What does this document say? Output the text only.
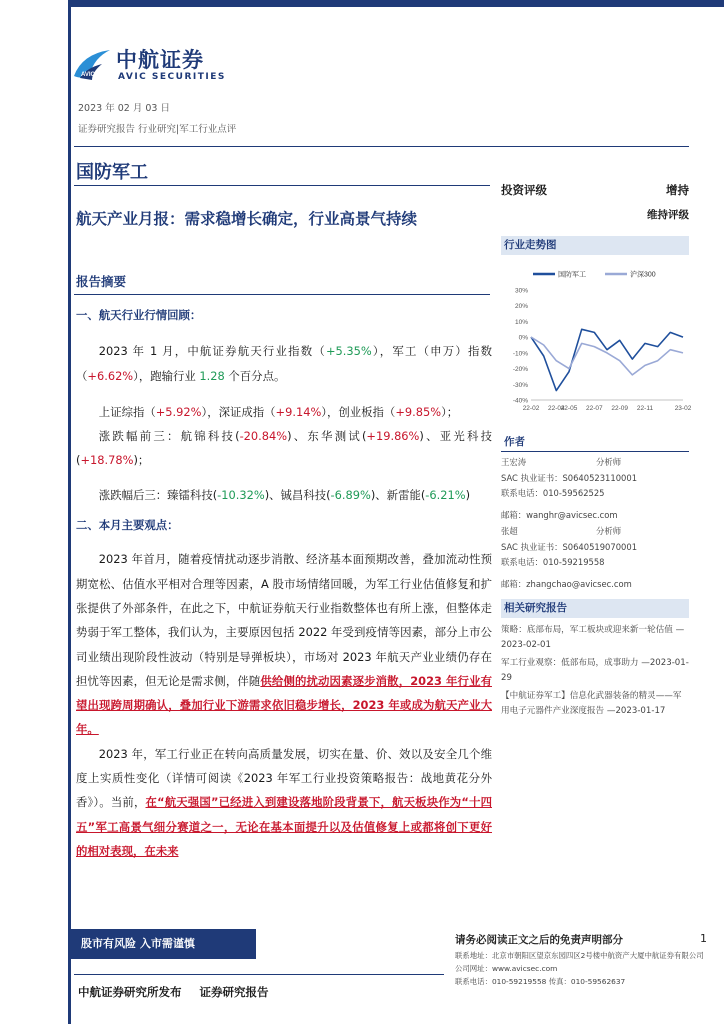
AVIC
中航证券
AVIC SECURITIES
2023 年 02 月 03 日
证券研究报告 行业研究|军工行业点评
国防军工
航天产业月报：需求稳增长确定，行业高景气持续
报告摘要

一、航天行业行情回顾：

2023 年 1 月，中航证券航天行业指数（+5.35%），军工（申万）指数（+6.62%），跑输行业 1.28 个百分点。

上证综指（+5.92%），深证成指（+9.14%），创业板指（+9.85%）；

涨跌幅前三：航锦科技(-20.84%)、东华测试(+19.86%)、亚光科技(+18.78%)；

涨跌幅后三：臻镭科技(-10.32%)、铖昌科技(-6.89%)、新雷能(-6.21%)

二、本月主要观点：

2023 年首月，随着疫情扰动逐步消散、经济基本面预期改善，叠加流动性预期宽松、估值水平相对合理等因素，A 股市场情绪回暖，为军工行业估值修复和扩张提供了外部条件，在此之下，中航证券航天行业指数整体也有所上涨，但整体走势弱于军工整体，我们认为，主要原因包括 2022 年受到疫情等因素，部分上市公司业绩出现阶段性波动（特别是导弹板块），市场对 2023 年航天产业业绩仍存在担忧等因素，但无论是需求侧，伴随供给侧的扰动因素逐步消散，2023 年行业有望出现跨周期确认，叠加行业下游需求依旧稳步增长，2023 年或成为航天产业大年。

2023 年，军工行业正在转向高质量发展，切实在量、价、效以及安全几个维度上实质性变化（详情可阅读《2023 年军工行业投资策略报告：战地黄花分外香》）。当前，在“航天强国”已经进入到建设落地阶段背景下，航天板块作为“十四五”军工高景气细分赛道之一，无论在基本面提升以及估值修复上或都将创下更好的相对表现，在未来

投资评级	增持
维持评级
行业走势图
30%
20%
10%
0%
-10%
-20%
-30%
-40%
22-02 22-04
22-05 22-07 22-09 22-11	23-02
国防军工	沪深300
作者
王宏涛	分析师
SAC 执业证书：S0640523110001
联系电话：010-59562525
邮箱：wanghr@avicsec.com
张超	分析师
SAC 执业证书：S0640519070001
联系电话：010-59219558
邮箱：zhangchao@avicsec.com
相关研究报告
策略：底部布局，军工板块或迎来新一轮估值 —2023-02-01
军工行业观察：低部布局，成事助力 —2023-01-29
【中航证券军工】信息化武器装备的精灵——军用电子元器件产业深度报告 —2023-01-17
股市有风险 入市需谨慎	请务必阅读正文之后的免责声明部分	1
联系地址：北京市朝阳区望京东园四区2号楼中航资产大厦中航证券有限公司
公司网址：www.avicsec.com
联系电话：010-59219558 传真：010-59562637
中航证券研究所发布 证券研究报告
